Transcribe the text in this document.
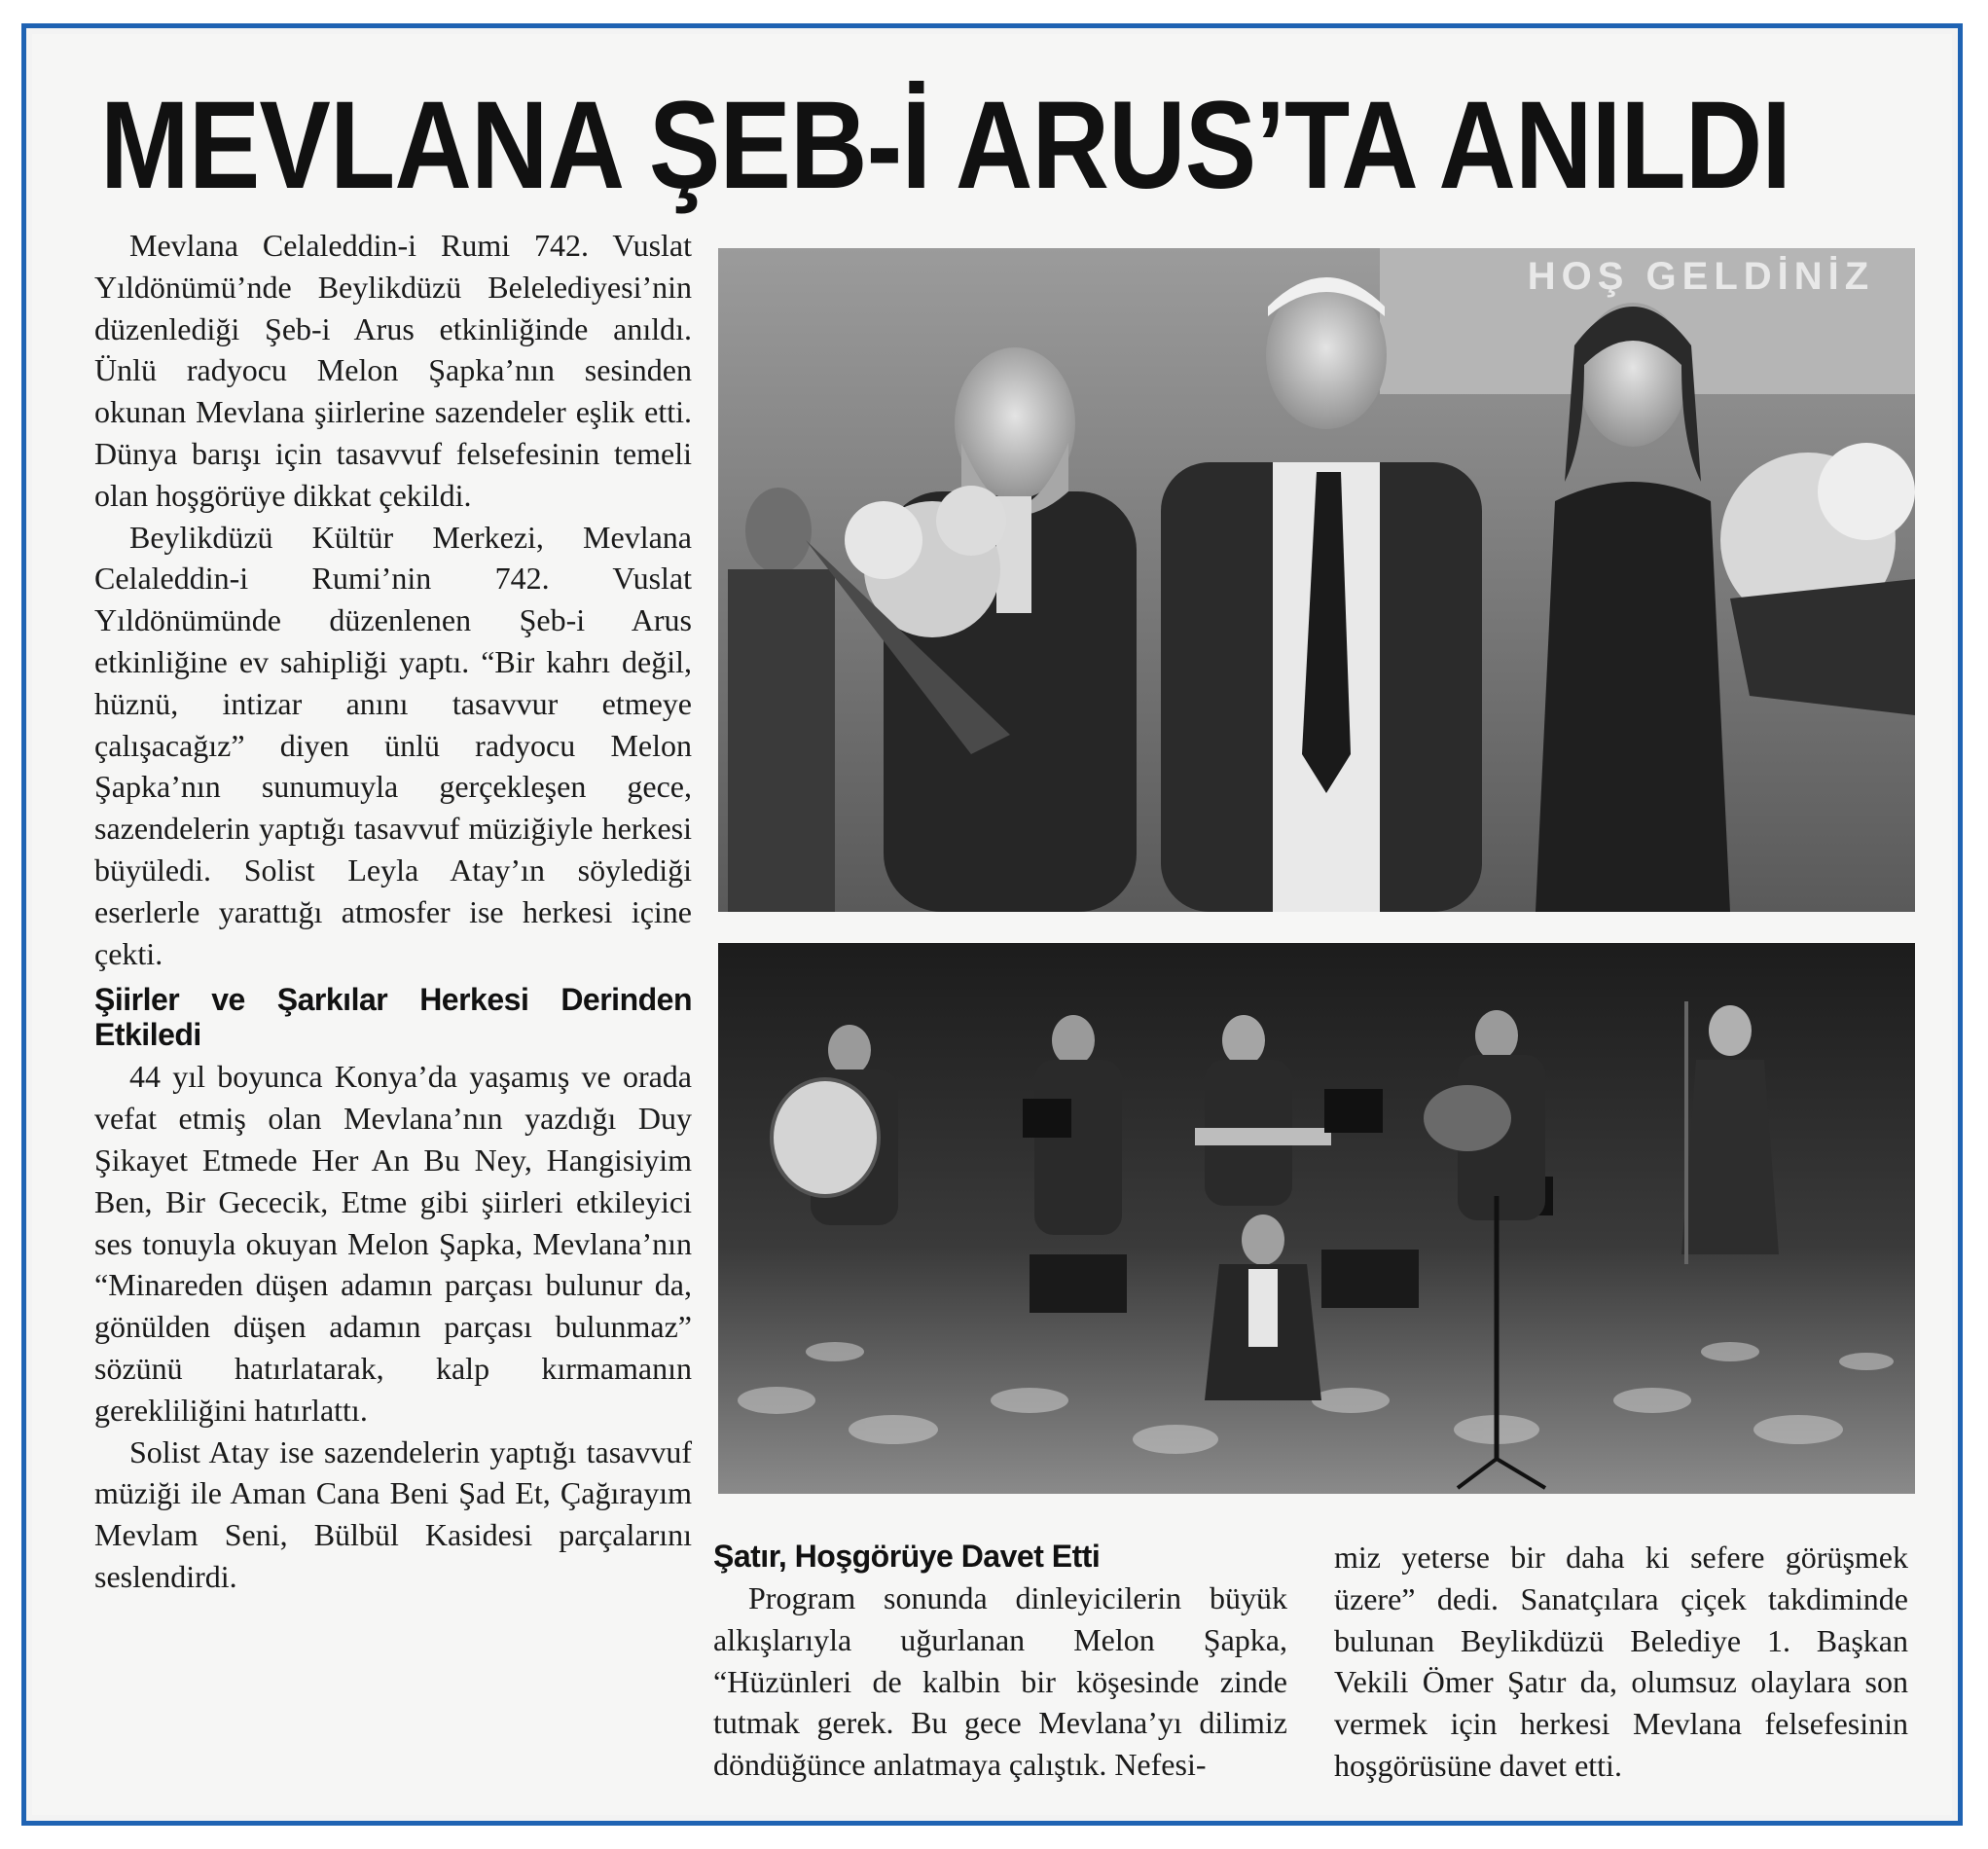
MEVLANA ŞEB-İ ARUS’TA ANILDI

Mevlana Celaleddin-i Rumi 742. Vuslat Yıldönümü’nde Beylikdüzü Belelediyesi’nin düzenlediği Şeb-i Arus etkinliğinde anıldı. Ünlü radyocu Melon Şapka’nın sesinden okunan Mevlana şiirlerine sazendeler eşlik etti. Dünya barışı için tasavvuf felsefesinin temeli olan hoşgörüye dikkat çekildi.

Beylikdüzü Kültür Merkezi, Mevlana Celaleddin-i Rumi’nin 742. Vuslat Yıldönümünde düzenlenen Şeb-i Arus etkinliğine ev sahipliği yaptı. “Bir kahrı değil, hüznü, intizar anını tasavvur etmeye çalışacağız” diyen ünlü radyocu Melon Şapka’nın sunumuyla gerçekleşen gece, sazendelerin yaptığı tasavvuf müziğiyle herkesi büyüledi. Solist Leyla Atay’ın söylediği eserlerle yarattığı atmosfer ise herkesi içine çekti.

Şiirler ve Şarkılar Herkesi Derinden Etkiledi

44 yıl boyunca Konya’da yaşamış ve orada vefat etmiş olan Mevlana’nın yazdığı Duy Şikayet Etmede Her An Bu Ney, Hangisiyim Ben, Bir Gececik, Etme gibi şiirleri etkileyici ses tonuyla okuyan Melon Şapka, Mevlana’nın “Minareden düşen adamın parçası bulunur da, gönülden düşen adamın parçası bulunmaz” sözünü hatırlatarak, kalp kırmamanın gerekliliğini hatırlattı.

Solist Atay ise sazendelerin yaptığı tasavvuf müziği ile Aman Cana Beni Şad Et, Çağırayım Mevlam Seni, Bülbül Kasidesi parçalarını seslendirdi.

HOŞ GELDİNİZ
Şatır, Hoşgörüye Davet Etti

Program sonunda dinleyicilerin büyük alkışlarıyla uğurlanan Melon Şapka, “Hüzünleri de kalbin bir köşesinde zinde tutmak gerek. Bu gece Mevlana’yı dilimiz döndüğünce anlatmaya çalıştık. Nefesi-

miz yeterse bir daha ki sefere görüşmek üzere” dedi. Sanatçılara çiçek takdiminde bulunan Beylikdüzü Belediye 1. Başkan Vekili Ömer Şatır da, olumsuz olaylara son vermek için herkesi Mevlana felsefesinin hoşgörüsüne davet etti.
